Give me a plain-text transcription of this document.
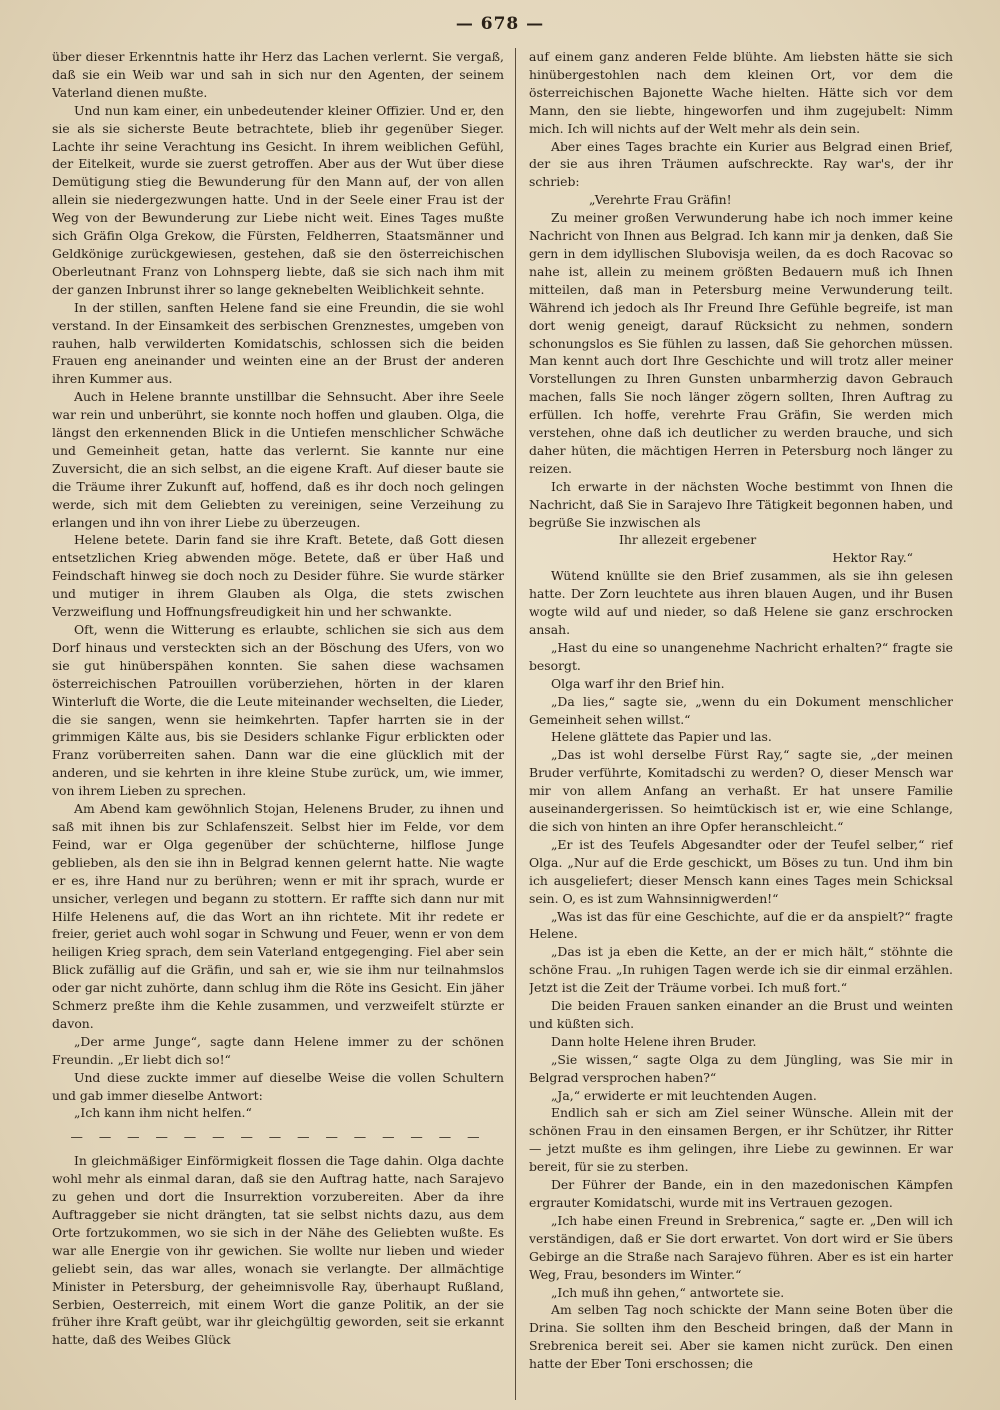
— 678 —

über dieser Erkenntnis hatte ihr Herz das Lachen verlernt. Sie vergaß, daß sie ein Weib war und sah in sich nur den Agenten, der seinem Vaterland dienen mußte.

Und nun kam einer, ein unbedeutender kleiner Offizier. Und er, den sie als sie sicherste Beute betrachtete, blieb ihr gegenüber Sieger. Lachte ihr seine Verachtung ins Gesicht. In ihrem weiblichen Gefühl, der Eitelkeit, wurde sie zuerst getroffen. Aber aus der Wut über diese Demütigung stieg die Bewunderung für den Mann auf, der von allen allein sie niedergezwungen hatte. Und in der Seele einer Frau ist der Weg von der Bewunderung zur Liebe nicht weit. Eines Tages mußte sich Gräfin Olga Grekow, die Fürsten, Feldherren, Staatsmänner und Geldkönige zurückgewiesen, gestehen, daß sie den österreichischen Oberleutnant Franz von Lohnsperg liebte, daß sie sich nach ihm mit der ganzen Inbrunst ihrer so lange geknebelten Weiblichkeit sehnte.

In der stillen, sanften Helene fand sie eine Freundin, die sie wohl verstand. In der Einsamkeit des serbischen Grenznestes, umgeben von rauhen, halb verwilderten Komidatschis, schlossen sich die beiden Frauen eng aneinander und weinten eine an der Brust der anderen ihren Kummer aus.

Auch in Helene brannte unstillbar die Sehnsucht. Aber ihre Seele war rein und unberührt, sie konnte noch hoffen und glauben. Olga, die längst den erkennenden Blick in die Untiefen menschlicher Schwäche und Gemeinheit getan, hatte das verlernt. Sie kannte nur eine Zuversicht, die an sich selbst, an die eigene Kraft. Auf dieser baute sie die Träume ihrer Zukunft auf, hoffend, daß es ihr doch noch gelingen werde, sich mit dem Geliebten zu vereinigen, seine Verzeihung zu erlangen und ihn von ihrer Liebe zu überzeugen.

Helene betete. Darin fand sie ihre Kraft. Betete, daß Gott diesen entsetzlichen Krieg abwenden möge. Betete, daß er über Haß und Feindschaft hinweg sie doch noch zu Desider führe. Sie wurde stärker und mutiger in ihrem Glauben als Olga, die stets zwischen Verzweiflung und Hoffnungsfreudigkeit hin und her schwankte.

Oft, wenn die Witterung es erlaubte, schlichen sie sich aus dem Dorf hinaus und versteckten sich an der Böschung des Ufers, von wo sie gut hinüberspähen konnten. Sie sahen diese wachsamen österreichischen Patrouillen vorüberziehen, hörten in der klaren Winterluft die Worte, die die Leute miteinander wechselten, die Lieder, die sie sangen, wenn sie heimkehrten. Tapfer harrten sie in der grimmigen Kälte aus, bis sie Desiders schlanke Figur erblickten oder Franz vorüberreiten sahen. Dann war die eine glücklich mit der anderen, und sie kehrten in ihre kleine Stube zurück, um, wie immer, von ihrem Lieben zu sprechen.

Am Abend kam gewöhnlich Stojan, Helenens Bruder, zu ihnen und saß mit ihnen bis zur Schlafenszeit. Selbst hier im Felde, vor dem Feind, war er Olga gegenüber der schüchterne, hilflose Junge geblieben, als den sie ihn in Belgrad kennen gelernt hatte. Nie wagte er es, ihre Hand nur zu berühren; wenn er mit ihr sprach, wurde er unsicher, verlegen und begann zu stottern. Er raffte sich dann nur mit Hilfe Helenens auf, die das Wort an ihn richtete. Mit ihr redete er freier, geriet auch wohl sogar in Schwung und Feuer, wenn er von dem heiligen Krieg sprach, dem sein Vaterland entgegenging. Fiel aber sein Blick zufällig auf die Gräfin, und sah er, wie sie ihm nur teilnahmslos oder gar nicht zuhörte, dann schlug ihm die Röte ins Gesicht. Ein jäher Schmerz preßte ihm die Kehle zusammen, und verzweifelt stürzte er davon.

„Der arme Junge“, sagte dann Helene immer zu der schönen Freundin. „Er liebt dich so!“

Und diese zuckte immer auf dieselbe Weise die vollen Schultern und gab immer dieselbe Antwort:

„Ich kann ihm nicht helfen.“

— — — — — — — — — — — — — — —

In gleichmäßiger Einförmigkeit flossen die Tage dahin. Olga dachte wohl mehr als einmal daran, daß sie den Auftrag hatte, nach Sarajevo zu gehen und dort die Insurrektion vorzubereiten. Aber da ihre Auftraggeber sie nicht drängten, tat sie selbst nichts dazu, aus dem Orte fortzukommen, wo sie sich in der Nähe des Geliebten wußte. Es war alle Energie von ihr gewichen. Sie wollte nur lieben und wieder geliebt sein, das war alles, wonach sie verlangte. Der allmächtige Minister in Petersburg, der geheimnisvolle Ray, überhaupt Rußland, Serbien, Oesterreich, mit einem Wort die ganze Politik, an der sie früher ihre Kraft geübt, war ihr gleichgültig geworden, seit sie erkannt hatte, daß des Weibes Glück

auf einem ganz anderen Felde blühte. Am liebsten hätte sie sich hinübergestohlen nach dem kleinen Ort, vor dem die österreichischen Bajonette Wache hielten. Hätte sich vor dem Mann, den sie liebte, hingeworfen und ihm zugejubelt: Nimm mich. Ich will nichts auf der Welt mehr als dein sein.

Aber eines Tages brachte ein Kurier aus Belgrad einen Brief, der sie aus ihren Träumen aufschreckte. Ray war's, der ihr schrieb:

„Verehrte Frau Gräfin!

Zu meiner großen Verwunderung habe ich noch immer keine Nachricht von Ihnen aus Belgrad. Ich kann mir ja denken, daß Sie gern in dem idyllischen Slubovisja weilen, da es doch Racovac so nahe ist, allein zu meinem größten Bedauern muß ich Ihnen mitteilen, daß man in Petersburg meine Verwunderung teilt. Während ich jedoch als Ihr Freund Ihre Gefühle begreife, ist man dort wenig geneigt, darauf Rücksicht zu nehmen, sondern schonungslos es Sie fühlen zu lassen, daß Sie gehorchen müssen. Man kennt auch dort Ihre Geschichte und will trotz aller meiner Vorstellungen zu Ihren Gunsten unbarmherzig davon Gebrauch machen, falls Sie noch länger zögern sollten, Ihren Auftrag zu erfüllen. Ich hoffe, verehrte Frau Gräfin, Sie werden mich verstehen, ohne daß ich deutlicher zu werden brauche, und sich daher hüten, die mächtigen Herren in Petersburg noch länger zu reizen.

Ich erwarte in der nächsten Woche bestimmt von Ihnen die Nachricht, daß Sie in Sarajevo Ihre Tätigkeit begonnen haben, und begrüße Sie inzwischen als

Ihr allezeit ergebener

Hektor Ray.“

Wütend knüllte sie den Brief zusammen, als sie ihn gelesen hatte. Der Zorn leuchtete aus ihren blauen Augen, und ihr Busen wogte wild auf und nieder, so daß Helene sie ganz erschrocken ansah.

„Hast du eine so unangenehme Nachricht erhalten?“ fragte sie besorgt.

Olga warf ihr den Brief hin.

„Da lies,“ sagte sie, „wenn du ein Dokument menschlicher Gemeinheit sehen willst.“

Helene glättete das Papier und las.

„Das ist wohl derselbe Fürst Ray,“ sagte sie, „der meinen Bruder verführte, Komitadschi zu werden? O, dieser Mensch war mir von allem Anfang an verhaßt. Er hat unsere Familie auseinandergerissen. So heimtückisch ist er, wie eine Schlange, die sich von hinten an ihre Opfer heranschleicht.“

„Er ist des Teufels Abgesandter oder der Teufel selber,“ rief Olga. „Nur auf die Erde geschickt, um Böses zu tun. Und ihm bin ich ausgeliefert; dieser Mensch kann eines Tages mein Schicksal sein. O, es ist zum Wahnsinnigwerden!“

„Was ist das für eine Geschichte, auf die er da anspielt?“ fragte Helene.

„Das ist ja eben die Kette, an der er mich hält,“ stöhnte die schöne Frau. „In ruhigen Tagen werde ich sie dir einmal erzählen. Jetzt ist die Zeit der Träume vorbei. Ich muß fort.“

Die beiden Frauen sanken einander an die Brust und weinten und küßten sich.

Dann holte Helene ihren Bruder.

„Sie wissen,“ sagte Olga zu dem Jüngling, was Sie mir in Belgrad versprochen haben?“

„Ja,“ erwiderte er mit leuchtenden Augen.

Endlich sah er sich am Ziel seiner Wünsche. Allein mit der schönen Frau in den einsamen Bergen, er ihr Schützer, ihr Ritter — jetzt mußte es ihm gelingen, ihre Liebe zu gewinnen. Er war bereit, für sie zu sterben.

Der Führer der Bande, ein in den mazedonischen Kämpfen ergrauter Komidatschi, wurde mit ins Vertrauen gezogen.

„Ich habe einen Freund in Srebrenica,“ sagte er. „Den will ich verständigen, daß er Sie dort erwartet. Von dort wird er Sie übers Gebirge an die Straße nach Sarajevo führen. Aber es ist ein harter Weg, Frau, besonders im Winter.“

„Ich muß ihn gehen,“ antwortete sie.

Am selben Tag noch schickte der Mann seine Boten über die Drina. Sie sollten ihm den Bescheid bringen, daß der Mann in Srebrenica bereit sei. Aber sie kamen nicht zurück. Den einen hatte der Eber Toni erschossen; die
